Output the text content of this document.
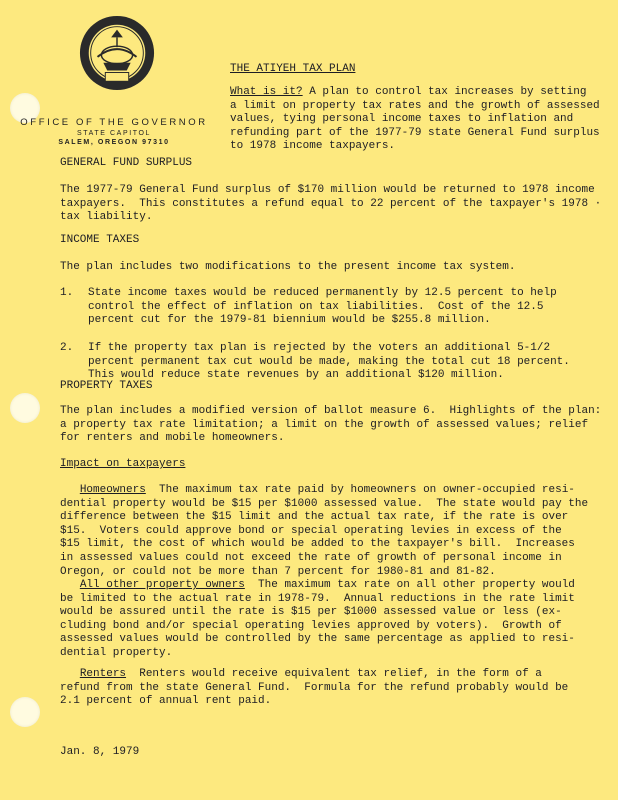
OFFICE OF THE GOVERNOR
STATE CAPITOL
SALEM, OREGON 97310
THE ATIYEH TAX PLAN
What is it? A plan to control tax increases by setting
a limit on property tax rates and the growth of assessed
values, tying personal income taxes to inflation and
refunding part of the 1977-79 state General Fund surplus
to 1978 income taxpayers.
GENERAL FUND SURPLUS
The 1977-79 General Fund surplus of $170 million would be returned to 1978 income
taxpayers.  This constitutes a refund equal to 22 percent of the taxpayer's 1978 ·
tax liability.
INCOME TAXES
The plan includes two modifications to the present income tax system.
1. State income taxes would be reduced permanently by 12.5 percent to help
control the effect of inflation on tax liabilities.  Cost of the 12.5
percent cut for the 1979-81 biennium would be $255.8 million.
2. If the property tax plan is rejected by the voters an additional 5-1/2
percent permanent tax cut would be made, making the total cut 18 percent.
This would reduce state revenues by an additional $120 million.
PROPERTY TAXES
The plan includes a modified version of ballot measure 6.  Highlights of the plan:
a property tax rate limitation; a limit on the growth of assessed values; relief
for renters and mobile homeowners.
Impact on taxpayers
Homeowners  The maximum tax rate paid by homeowners on owner-occupied resi-
dential property would be $15 per $1000 assessed value.  The state would pay the
difference between the $15 limit and the actual tax rate, if the rate is over
$15.  Voters could approve bond or special operating levies in excess of the
$15 limit, the cost of which would be added to the taxpayer's bill.  Increases
in assessed values could not exceed the rate of growth of personal income in
Oregon, or could not be more than 7 percent for 1980-81 and 81-82.
All other property owners  The maximum tax rate on all other property would
be limited to the actual rate in 1978-79.  Annual reductions in the rate limit
would be assured until the rate is $15 per $1000 assessed value or less (ex-
cluding bond and/or special operating levies approved by voters).  Growth of
assessed values would be controlled by the same percentage as applied to resi-
dential property.
Renters  Renters would receive equivalent tax relief, in the form of a
refund from the state General Fund.  Formula for the refund probably would be
2.1 percent of annual rent paid.
Jan. 8, 1979
